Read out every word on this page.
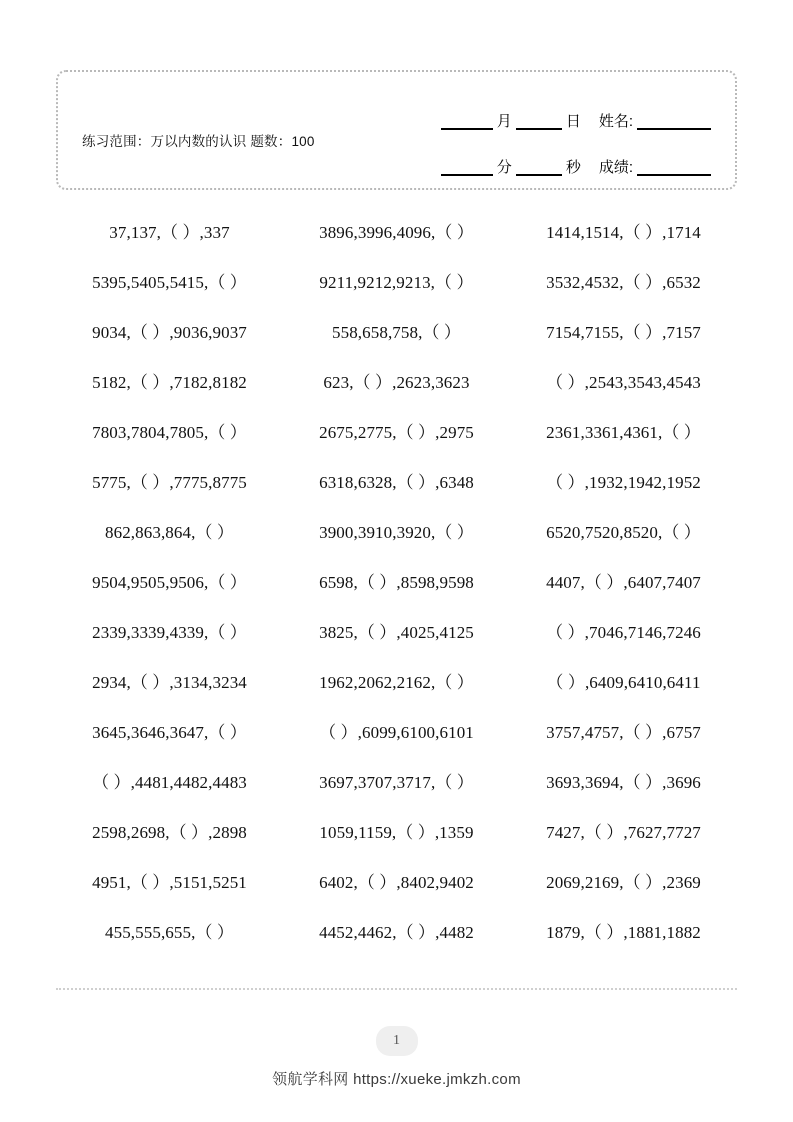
练习范围：万以内数的认识 题数：100
月	日	姓名:
分	秒	成绩:
37,137,（ ）,337	3896,3996,4096,（ ）	1414,1514,（ ）,1714
5395,5405,5415,（ ）	9211,9212,9213,（ ）	3532,4532,（ ）,6532
9034,（ ）,9036,9037	558,658,758,（ ）	7154,7155,（ ）,7157
5182,（ ）,7182,8182	623,（ ）,2623,3623	（ ）,2543,3543,4543
7803,7804,7805,（ ）	2675,2775,（ ）,2975	2361,3361,4361,（ ）
5775,（ ）,7775,8775	6318,6328,（ ）,6348	（ ）,1932,1942,1952
862,863,864,（ ）	3900,3910,3920,（ ）	6520,7520,8520,（ ）
9504,9505,9506,（ ）	6598,（ ）,8598,9598	4407,（ ）,6407,7407
2339,3339,4339,（ ）	3825,（ ）,4025,4125	（ ）,7046,7146,7246
2934,（ ）,3134,3234	1962,2062,2162,（ ）	（ ）,6409,6410,6411
3645,3646,3647,（ ）	（ ）,6099,6100,6101	3757,4757,（ ）,6757
（ ）,4481,4482,4483	3697,3707,3717,（ ）	3693,3694,（ ）,3696
2598,2698,（ ）,2898	1059,1159,（ ）,1359	7427,（ ）,7627,7727
4951,（ ）,5151,5251	6402,（ ）,8402,9402	2069,2169,（ ）,2369
455,555,655,（ ）	4452,4462,（ ）,4482	1879,（ ）,1881,1882
1
领航学科网 https://xueke.jmkzh.com
